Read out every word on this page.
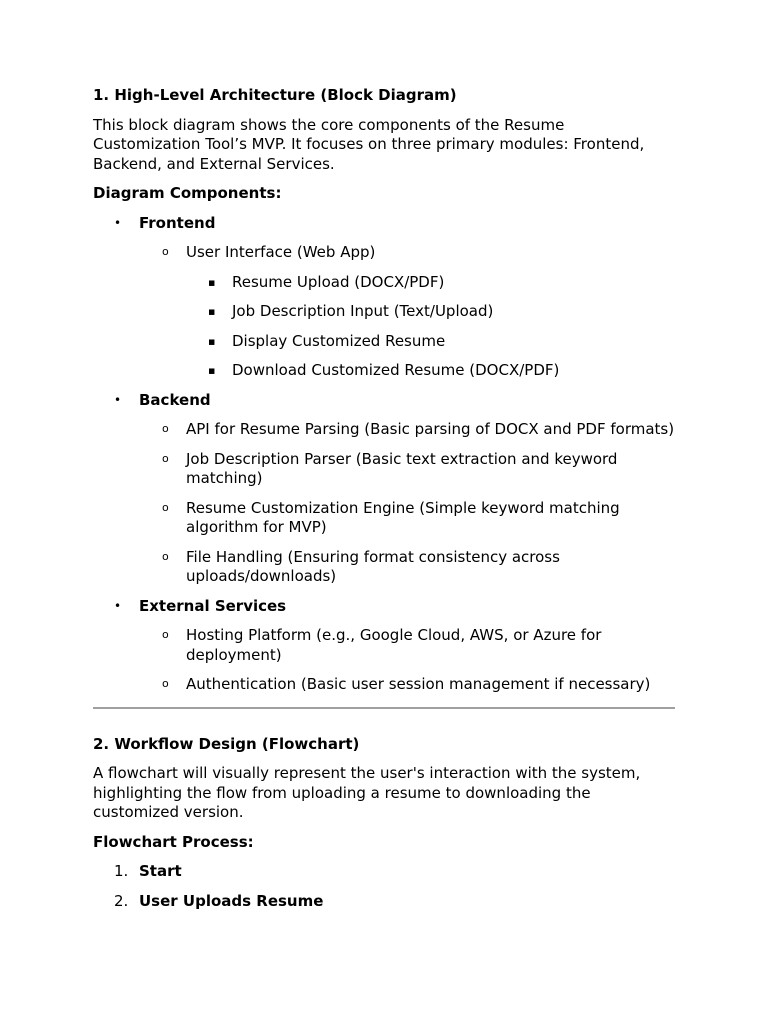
1. High-Level Architecture (Block Diagram)

This block diagram shows the core components of the Resume Customization Tool’s MVP. It focuses on three primary modules: Frontend, Backend, and External Services.

Diagram Components:

• Frontend
o User Interface (Web App)
▪ Resume Upload (DOCX/PDF)
▪ Job Description Input (Text/Upload)
▪ Display Customized Resume
▪ Download Customized Resume (DOCX/PDF)
• Backend
o API for Resume Parsing (Basic parsing of DOCX and PDF formats)
o Job Description Parser (Basic text extraction and keyword matching)
o Resume Customization Engine (Simple keyword matching algorithm for MVP)
o File Handling (Ensuring format consistency across uploads/downloads)
• External Services
o Hosting Platform (e.g., Google Cloud, AWS, or Azure for deployment)
o Authentication (Basic user session management if necessary)

2. Workflow Design (Flowchart)

A flowchart will visually represent the user's interaction with the system, highlighting the flow from uploading a resume to downloading the customized version.

Flowchart Process:

1. Start
2. User Uploads Resume
